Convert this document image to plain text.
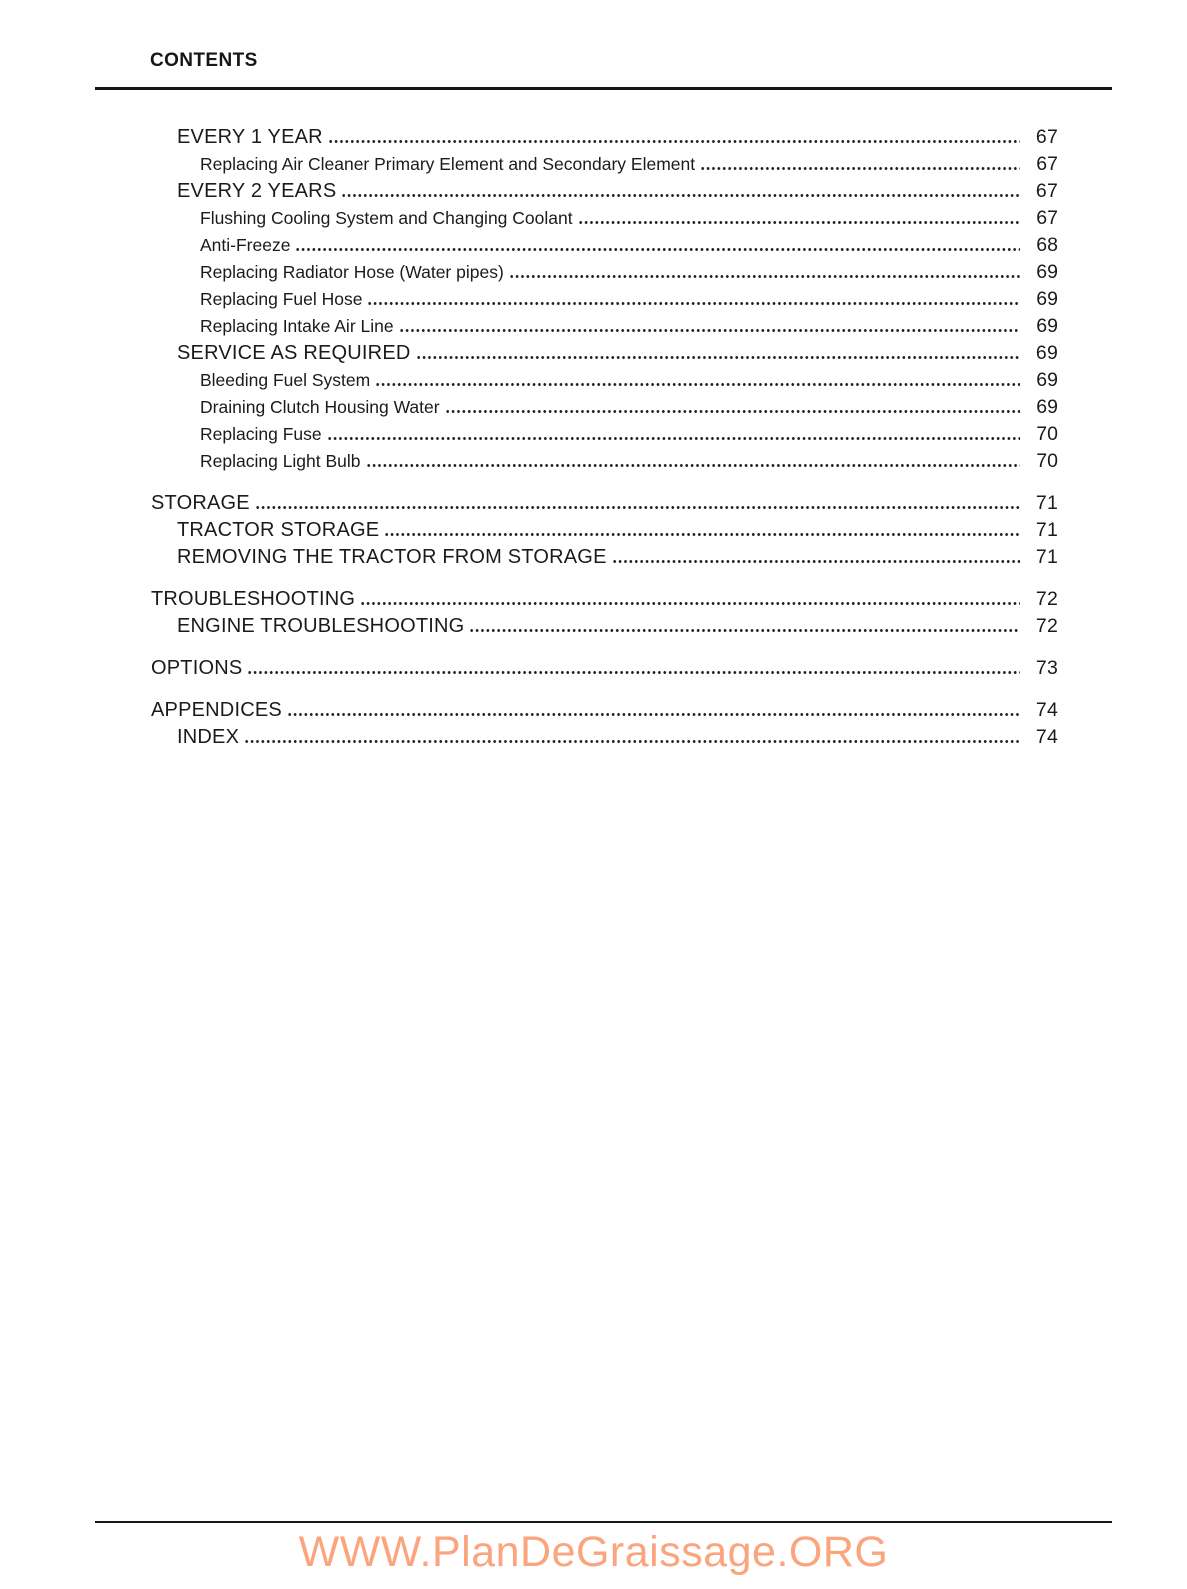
CONTENTS
EVERY 1 YEAR	67
Replacing Air Cleaner Primary Element and Secondary Element	67
EVERY 2 YEARS	67
Flushing Cooling System and Changing Coolant	67
Anti-Freeze	68
Replacing Radiator Hose (Water pipes)	69
Replacing Fuel Hose	69
Replacing Intake Air Line	69
SERVICE AS REQUIRED	69
Bleeding Fuel System	69
Draining Clutch Housing Water	69
Replacing Fuse	70
Replacing Light Bulb	70
STORAGE	71
TRACTOR STORAGE	71
REMOVING THE TRACTOR FROM STORAGE	71
TROUBLESHOOTING	72
ENGINE TROUBLESHOOTING	72
OPTIONS	73
APPENDICES	74
INDEX	74
WWW.PlanDeGraissage.ORG
